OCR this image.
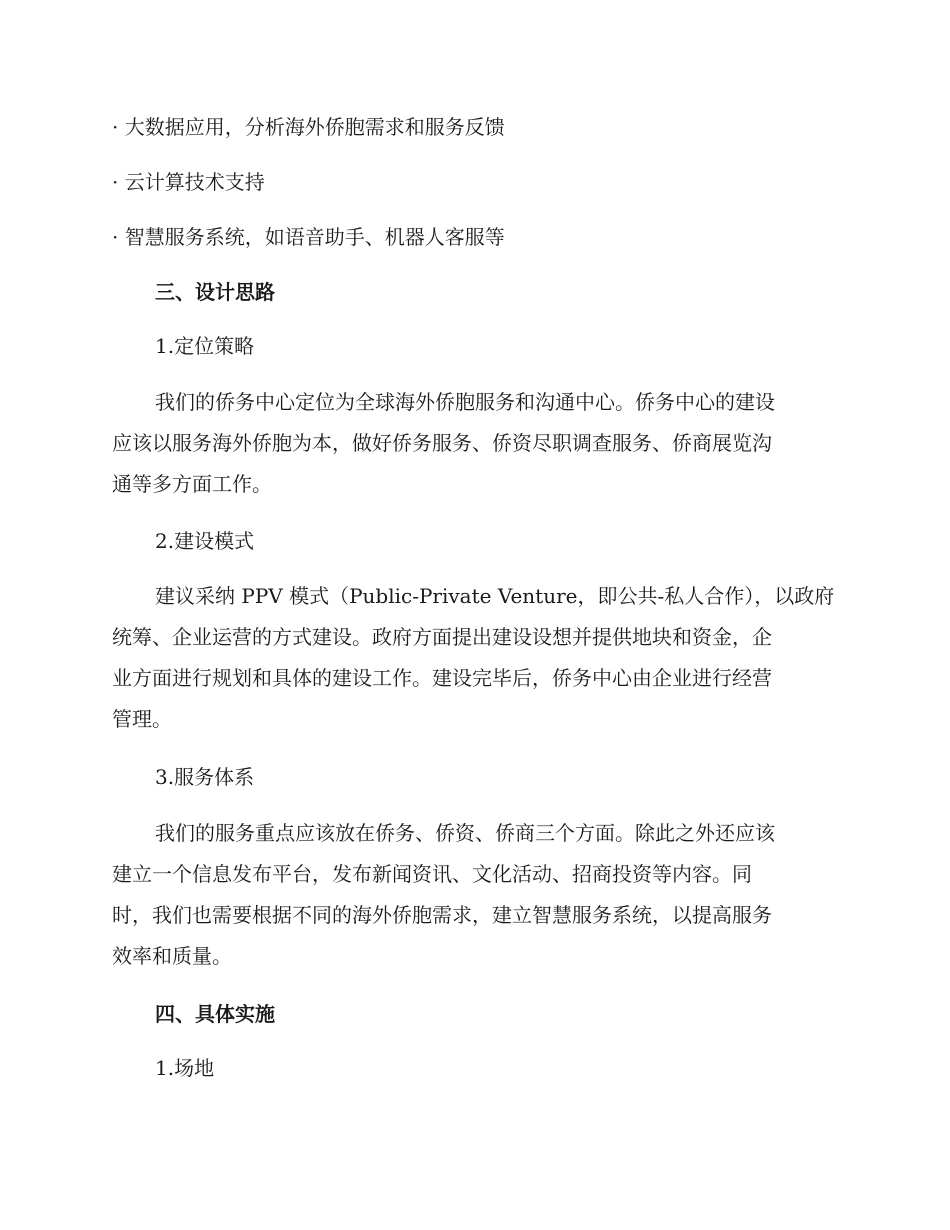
· 大数据应用，分析海外侨胞需求和服务反馈

· 云计算技术支持

· 智慧服务系统，如语音助手、机器人客服等

三、设计思路

1.定位策略

我们的侨务中心定位为全球海外侨胞服务和沟通中心。侨务中心的建设
应该以服务海外侨胞为本，做好侨务服务、侨资尽职调查服务、侨商展览沟
通等多方面工作。

2.建设模式

建议采纳 PPV 模式（Public-Private Venture，即公共-私人合作），以政府
统筹、企业运营的方式建设。政府方面提出建设设想并提供地块和资金，企
业方面进行规划和具体的建设工作。建设完毕后，侨务中心由企业进行经营
管理。

3.服务体系

我们的服务重点应该放在侨务、侨资、侨商三个方面。除此之外还应该
建立一个信息发布平台，发布新闻资讯、文化活动、招商投资等内容。同
时，我们也需要根据不同的海外侨胞需求，建立智慧服务系统，以提高服务
效率和质量。

四、具体实施

1.场地
